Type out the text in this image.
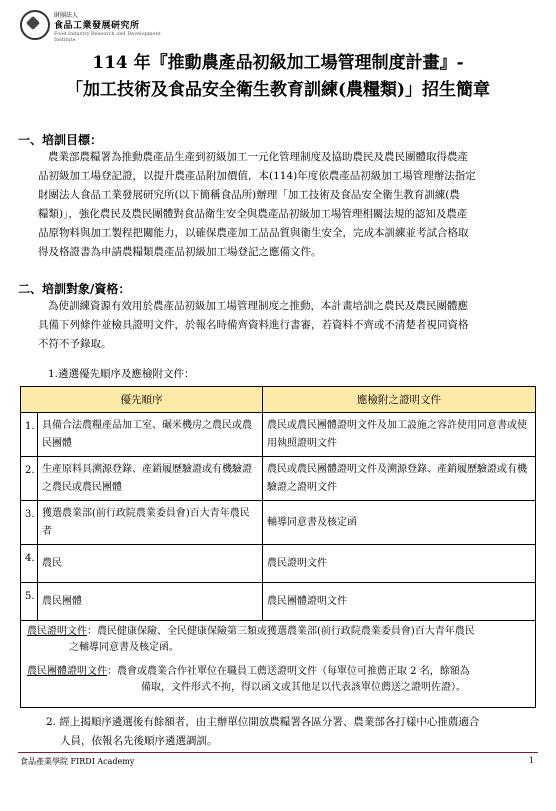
財團法人
食品工業發展研究所
Food Industry Research and Development Institute
114 年『推動農產品初級加工場管理制度計畫』-
「加工技術及食品安全衛生教育訓練(農糧類)」招生簡章
一、培訓目標：
農業部農糧署為推動農產品生產到初級加工一元化管理制度及協助農民及農民團體取得農產
品初級加工場登記證，以提升農產品附加價值，本(114)年度依農產品初級加工場管理辦法指定
財團法人食品工業發展研究所(以下簡稱食品所)辦理「加工技術及食品安全衛生教育訓練(農
糧類)」，強化農民及農民團體對食品衛生安全與農產品初級加工場管理相關法規的認知及農產
品原物料與加工製程把關能力，以確保農產加工品品質與衛生安全，完成本訓練並考試合格取
得及格證書為申請農糧類農產品初級加工場登記之應備文件。
二、培訓對象/資格：
為使訓練資源有效用於農產品初級加工場管理制度之推動，本計畫培訓之農民及農民團體應
具備下列條件並檢具證明文件，於報名時備齊資料進行書審，若資料不齊或不清楚者視同資格
不符不予錄取。
1.遴選優先順序及應檢附文件：
優先順序		應檢附之證明文件
1.	具備合法農糧產品加工室、碾米機房之農民或農民團體	農民或農民團體證明文件及加工設施之容許使用同意書或使用執照證明文件
2.	生產原料具溯源登錄、產銷履歷驗證或有機驗證之農民或農民團體	農民或農民團體證明文件及溯源登錄、產銷履歷驗證或有機驗證之證明文件
3.	獲選農業部(前行政院農業委員會)百大青年農民者	輔導同意書及核定函
4.	農民	農民證明文件
5.	農民團體	農民團體證明文件
農民證明文件：農民健康保險、全民健康保險第三類或獲選農業部(前行政院農業委員會)百大青年農民
之輔導同意書及核定函。
農民團體證明文件：農會或農業合作社單位在職員工薦送證明文件（每單位可推薦正取 2 名，餘額為
備取，文件形式不拘，得以函文或其他足以代表該單位薦送之證明佐證）。
2. 經上揭順序遴選後有餘額者，由主辦單位開放農糧署各區分署、農業部各打樣中心推薦適合
人員，依報名先後順序遴選調訓。
食品產業學院 FIRDI Academy	1
